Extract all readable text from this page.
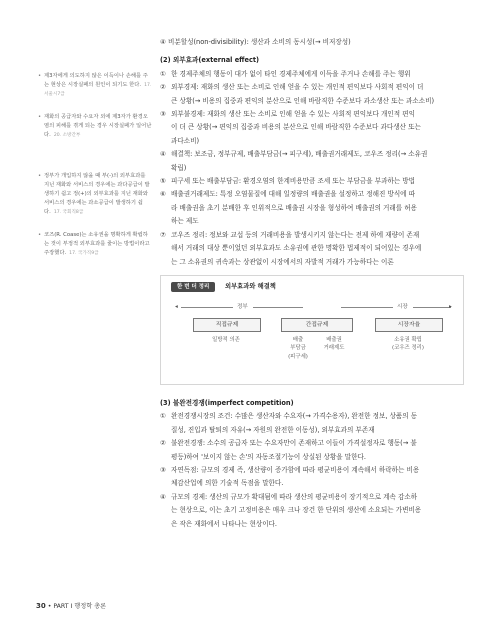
• 제3자에게 의도하지 않은 이득이나 손해를 주는 현상은 시장실패의 원인이 되기도 한다. 17. 서울시7급
• 재화의 공급자와 수요자 외에 제3자가 환경오염의 피해를 겪게 되는 경우 시장실패가 일어난다. 20. 소방간부
• 정부가 개입하지 않을 때 부(-)의 외부효과를 지닌 재화와 서비스의 경우에는 과다공급이 발생하기 쉽고 정(+)의 외부효과를 지닌 재화와 서비스의 경우에는 과소공급이 발생하기 쉽다. 17. 국회직8급
• 코즈(R. Coase)는 소유권을 명확하게 확립하는 것이 부정적 외부효과를 줄이는 방법이라고 주장했다. 17. 국가직9급
④ 비분할성(non-divisibility): 생산과 소비의 동시성(→ 비저장성)
(2) 외부효과(external effect)
① 한 경제주체의 행동이 대가 없이 타인 경제주체에게 이득을 주거나 손해를 주는 행위
② 외부경제: 재화의 생산 또는 소비로 인해 얻을 수 있는 개인적 편익보다 사회적 편익이 더
큰 상황(→ 비용의 집중과 편익의 분산으로 인해 바람직한 수준보다 과소생산 또는 과소소비)
③ 외부불경제: 재화의 생산 또는 소비로 인해 얻을 수 있는 사회적 편익보다 개인적 편익
이 더 큰 상황(→ 편익의 집중과 비용의 분산으로 인해 바람직한 수준보다 과다생산 또는
과다소비)
④ 해결책: 보조금, 정부규제, 배출부담금(→ 피구세), 배출권거래제도, 코우즈 정리(→ 소유권
확립)
⑤ 피구세 또는 배출부담금: 환경오염의 한계비용만큼 조세 또는 부담금을 부과하는 방법
⑥ 배출권거래제도: 특정 오염물질에 대해 일정량의 배출권을 설정하고 정해진 방식에 따
라 배출권을 초기 분배한 후 인위적으로 배출권 시장을 형성하여 배출권의 거래를 허용
하는 제도
⑦ 코우즈 정리: 정보와 교섭 등의 거래비용을 발생시키지 않는다는 전제 하에 재량이 존재
해서 거래의 대상 뿐이었던 외부효과도 소유권에 관한 명확한 법제적이 되어있는 경우에
는 그 소유권의 귀속과는 상관없이 시장에서의 자발적 거래가 가능하다는 이론
한 번 더 정리	외부효과와 해결책
◂	정부	시장	▸
직접규제	간접규제	시장자율
일방적 의존	배출
부담금
(피구세)
배출권
거래제도
소유권 확립
(코우즈 정리)
(3) 불완전경쟁(imperfect competition)
① 완전경쟁시장의 조건: 수많은 생산자와 수요자(→ 가격수용자), 완전한 정보, 상품의 동
질성, 진입과 탈퇴의 자유(→ 자원의 완전한 이동성), 외부효과의 부존재
② 불완전경쟁: 소수의 공급자 또는 수요자만이 존재하고 이들이 가격설정자로 행동(→ 불
평등)하여 '보이지 않는 손'의 자동조절기능이 상실된 상황을 말한다.
③ 자연독점: 규모의 경제 즉, 생산량이 증가함에 따라 평균비용이 계속해서 하락하는 비용
체감산업에 의한 기술적 독점을 말한다.
④ 규모의 경제: 생산의 규모가 확대됨에 따라 생산의 평균비용이 장기적으로 계속 감소하
는 현상으로, 이는 초기 고정비용은 매우 크나 장건 한 단위의 생산에 소요되는 가변비용
은 작은 재화에서 나타나는 현상이다.
30 • PART I 행정학 총론
